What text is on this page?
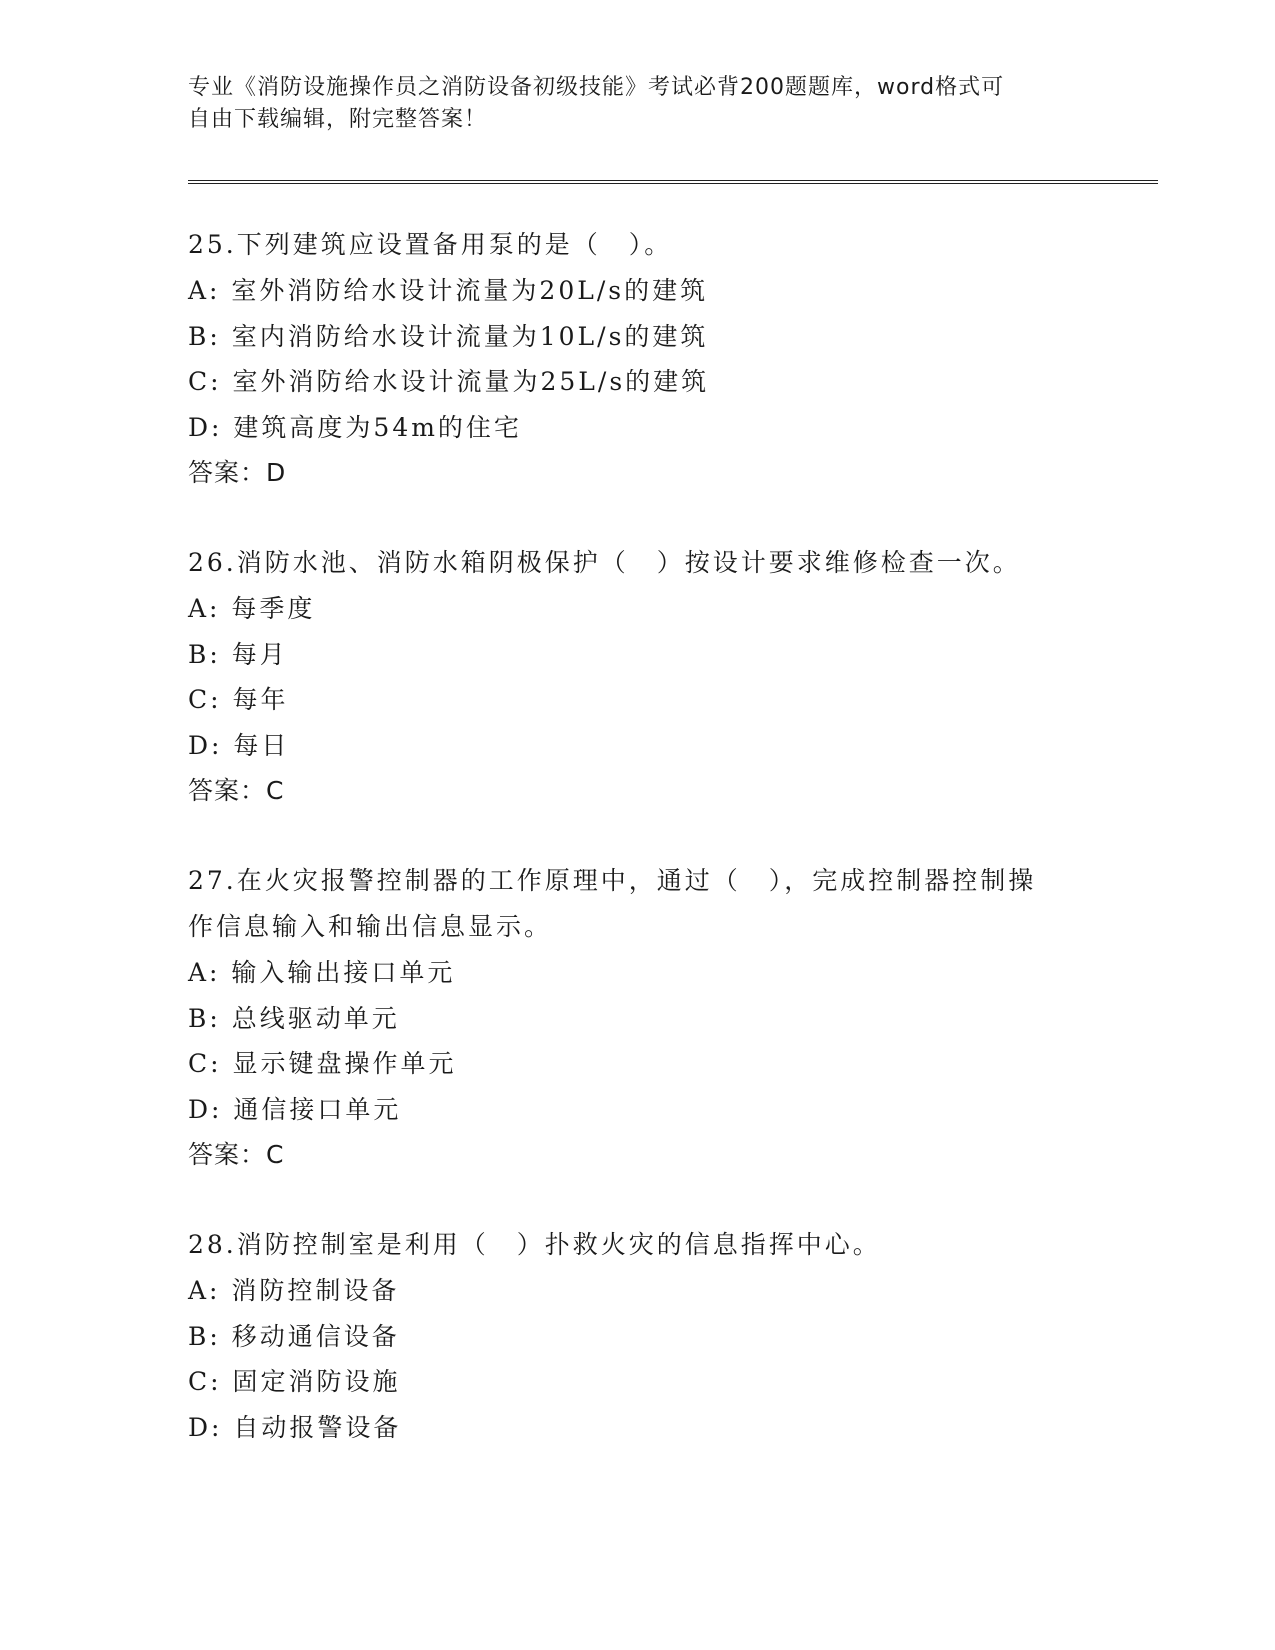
专业《消防设施操作员之消防设备初级技能》考试必背200题题库，word格式可
自由下载编辑，附完整答案！
25.下列建筑应设置备用泵的是（　）。
A: 室外消防给水设计流量为20L/s的建筑
B: 室内消防给水设计流量为10L/s的建筑
C: 室外消防给水设计流量为25L/s的建筑
D: 建筑高度为54m的住宅
答案：D
26.消防水池、消防水箱阴极保护（　）按设计要求维修检查一次。
A: 每季度
B: 每月
C: 每年
D: 每日
答案：C
27.在火灾报警控制器的工作原理中，通过（　），完成控制器控制操
作信息输入和输出信息显示。
A: 输入输出接口单元
B: 总线驱动单元
C: 显示键盘操作单元
D: 通信接口单元
答案：C
28.消防控制室是利用（　）扑救火灾的信息指挥中心。
A: 消防控制设备
B: 移动通信设备
C: 固定消防设施
D: 自动报警设备
